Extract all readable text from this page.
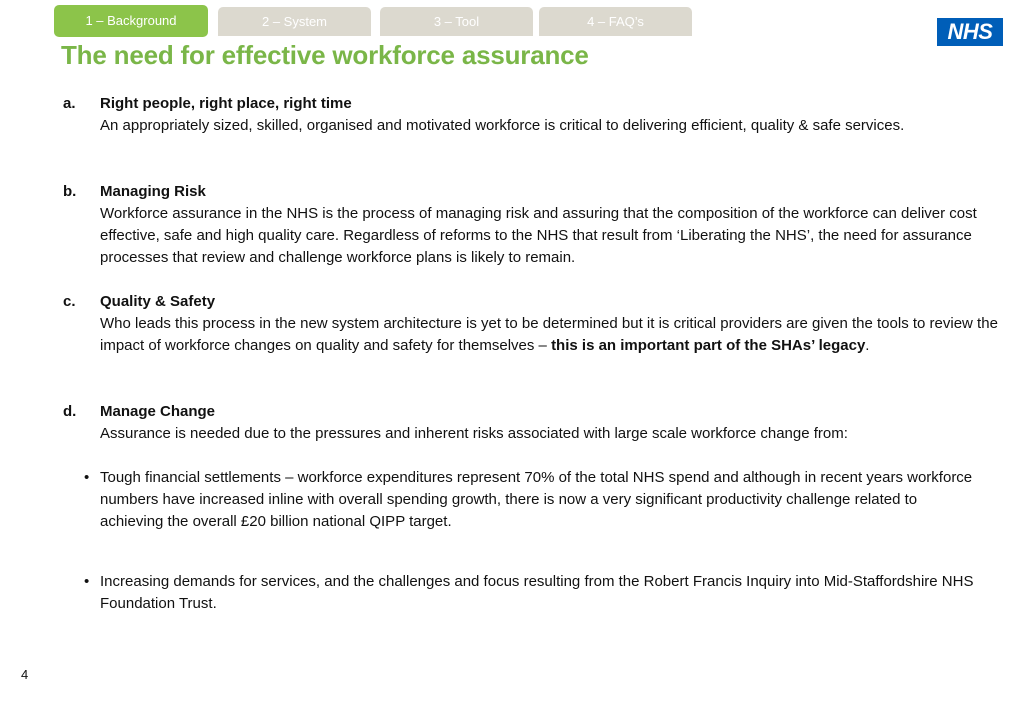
1 – Background	2 – System	3 – Tool	4 – FAQ’s	NHS
The need for effective workforce assurance
a. Right people, right place, right time
An appropriately sized, skilled, organised and motivated workforce is critical to delivering efficient, quality & safe services.
b. Managing Risk
Workforce assurance in the NHS is the process of managing risk and assuring that the composition of the workforce can deliver cost effective, safe and high quality care. Regardless of reforms to the NHS that result from ‘Liberating the NHS’, the need for assurance processes that review and challenge workforce plans is likely to remain.
c. Quality & Safety
Who leads this process in the new system architecture is yet to be determined but it is critical providers are given the tools to review the impact of workforce changes on quality and safety for themselves – this is an important part of the SHAs’ legacy.
d. Manage Change
Assurance is needed due to the pressures and inherent risks associated with large scale workforce change from:
• Tough financial settlements – workforce expenditures represent 70% of the total NHS spend and although in recent years workforce numbers have increased inline with overall spending growth, there is now a very significant productivity challenge related to achieving the overall £20 billion national QIPP target.
• Increasing demands for services, and the challenges and focus resulting from the Robert Francis Inquiry into Mid-Staffordshire NHS Foundation Trust.
4
